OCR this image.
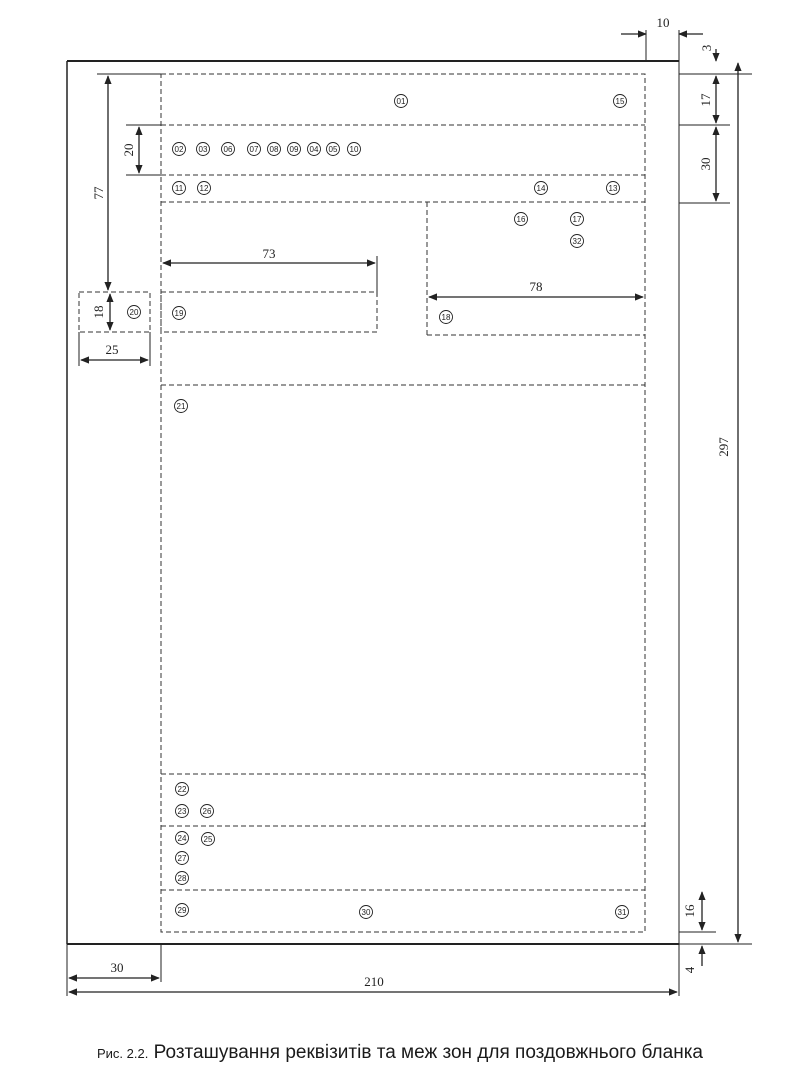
10
3
17
30
297
16
4
77
20
18
25
73
78
30
210
01	15
02 03 06 07 08 09 04 05 10
11 12	14	13
16	17
32
19
20
18
21
22
23 26
24 25
27
28
29	30	31
Рис. 2.2. Розташування реквізитів та меж зон для поздовжнього бланка
